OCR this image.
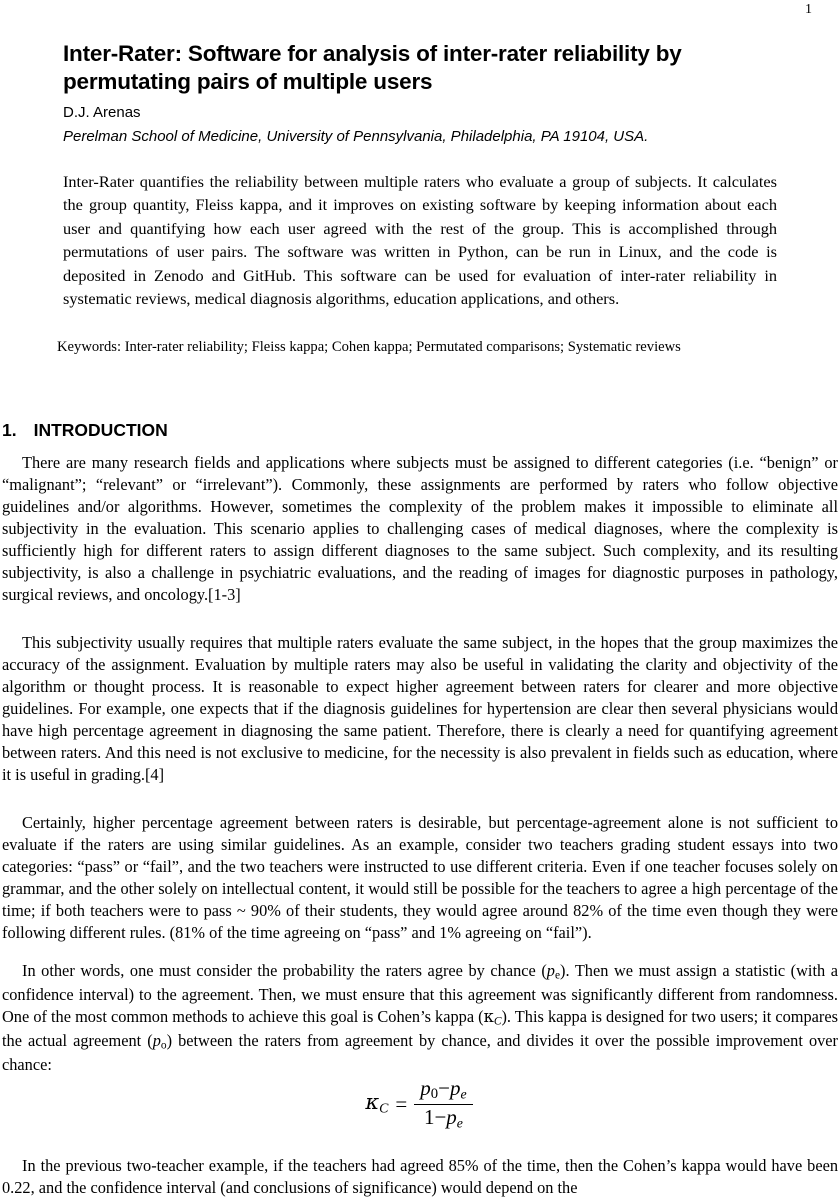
1
Inter-Rater: Software for analysis of inter-rater reliability by permutating pairs of multiple users
D.J. Arenas
Perelman School of Medicine, University of Pennsylvania, Philadelphia, PA 19104, USA.

Inter-Rater quantifies the reliability between multiple raters who evaluate a group of subjects. It calculates the group quantity, Fleiss kappa, and it improves on existing software by keeping information about each user and quantifying how each user agreed with the rest of the group. This is accomplished through permutations of user pairs. The software was written in Python, can be run in Linux, and the code is deposited in Zenodo and GitHub. This software can be used for evaluation of inter-rater reliability in systematic reviews, medical diagnosis algorithms, education applications, and others.

Keywords: Inter-rater reliability; Fleiss kappa; Cohen kappa; Permutated comparisons; Systematic reviews

1. INTRODUCTION

There are many research fields and applications where subjects must be assigned to different categories (i.e. “benign” or “malignant”; “relevant” or “irrelevant”). Commonly, these assignments are performed by raters who follow objective guidelines and/or algorithms. However, sometimes the complexity of the problem makes it impossible to eliminate all subjectivity in the evaluation. This scenario applies to challenging cases of medical diagnoses, where the complexity is sufficiently high for different raters to assign different diagnoses to the same subject. Such complexity, and its resulting subjectivity, is also a challenge in psychiatric evaluations, and the reading of images for diagnostic purposes in pathology, surgical reviews, and oncology.[1-3]

This subjectivity usually requires that multiple raters evaluate the same subject, in the hopes that the group maximizes the accuracy of the assignment. Evaluation by multiple raters may also be useful in validating the clarity and objectivity of the algorithm or thought process. It is reasonable to expect higher agreement between raters for clearer and more objective guidelines. For example, one expects that if the diagnosis guidelines for hypertension are clear then several physicians would have high percentage agreement in diagnosing the same patient. Therefore, there is clearly a need for quantifying agreement between raters. And this need is not exclusive to medicine, for the necessity is also prevalent in fields such as education, where it is useful in grading.[4]

Certainly, higher percentage agreement between raters is desirable, but percentage-agreement alone is not sufficient to evaluate if the raters are using similar guidelines. As an example, consider two teachers grading student essays into two categories: “pass” or “fail”, and the two teachers were instructed to use different criteria. Even if one teacher focuses solely on grammar, and the other solely on intellectual content, it would still be possible for the teachers to agree a high percentage of the time; if both teachers were to pass ~ 90% of their students, they would agree around 82% of the time even though they were following different rules. (81% of the time agreeing on “pass” and 1% agreeing on “fail”).

In other words, one must consider the probability the raters agree by chance (pe). Then we must assign a statistic (with a confidence interval) to the agreement. Then, we must ensure that this agreement was significantly different from randomness. One of the most common methods to achieve this goal is Cohen’s kappa (κC). This kappa is designed for two users; it compares the actual agreement (po) between the raters from agreement by chance, and divides it over the possible improvement over chance:

$\kappa C = \frac{p0-pe}{1-pe}$

In the previous two-teacher example, if the teachers had agreed 85% of the time, then the Cohen’s kappa would have been 0.22, and the confidence interval (and conclusions of significance) would depend on the
